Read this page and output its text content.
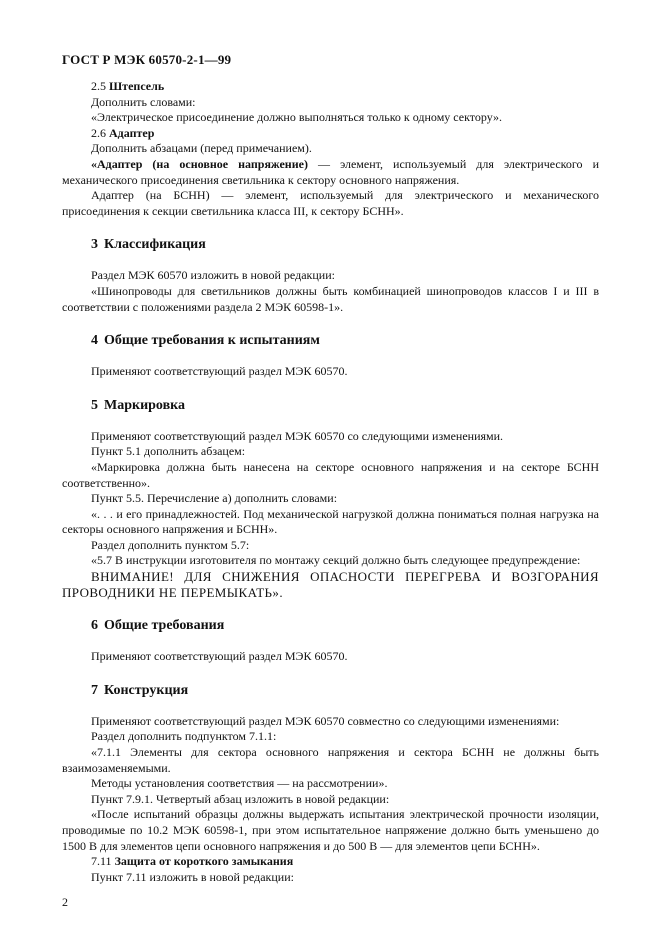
ГОСТ Р МЭК 60570-2-1—99

2.5 Штепсель

Дополнить словами:

«Электрическое присоединение должно выполняться только к одному сектору».

2.6 Адаптер

Дополнить абзацами (перед примечанием).

«Адаптер (на основное напряжение) — элемент, используемый для электрического и механического присоединения светильника к сектору основного напряжения.

Адаптер (на БСНН) — элемент, используемый для электрического и механического присоединения к секции светильника класса III, к сектору БСНН».

3 Классификация

Раздел МЭК 60570 изложить в новой редакции:

«Шинопроводы для светильников должны быть комбинацией шинопроводов классов I и III в соответствии с положениями раздела 2 МЭК 60598-1».

4 Общие требования к испытаниям

Применяют соответствующий раздел МЭК 60570.

5 Маркировка

Применяют соответствующий раздел МЭК 60570 со следующими изменениями.

Пункт 5.1 дополнить абзацем:

«Маркировка должна быть нанесена на секторе основного напряжения и на секторе БСНН соответственно».

Пункт 5.5. Перечисление а) дополнить словами:

«. . . и его принадлежностей. Под механической нагрузкой должна пониматься полная нагрузка на секторы основного напряжения и БСНН».

Раздел дополнить пунктом 5.7:

«5.7 В инструкции изготовителя по монтажу секций должно быть следующее предупреждение:

ВНИМАНИЕ! ДЛЯ СНИЖЕНИЯ ОПАСНОСТИ ПЕРЕГРЕВА И ВОЗГОРАНИЯ ПРОВОДНИКИ НЕ ПЕРЕМЫКАТЬ».

6 Общие требования

Применяют соответствующий раздел МЭК 60570.

7 Конструкция

Применяют соответствующий раздел МЭК 60570 совместно со следующими изменениями:

Раздел дополнить подпунктом 7.1.1:

«7.1.1 Элементы для сектора основного напряжения и сектора БСНН не должны быть взаимозаменяемыми.

Методы установления соответствия — на рассмотрении».

Пункт 7.9.1. Четвертый абзац изложить в новой редакции:

«После испытаний образцы должны выдержать испытания электрической прочности изоляции, проводимые по 10.2 МЭК 60598-1, при этом испытательное напряжение должно быть уменьшено до 1500 В для элементов цепи основного напряжения и до 500 В — для элементов цепи БСНН».

7.11 Защита от короткого замыкания

Пункт 7.11 изложить в новой редакции:

2
